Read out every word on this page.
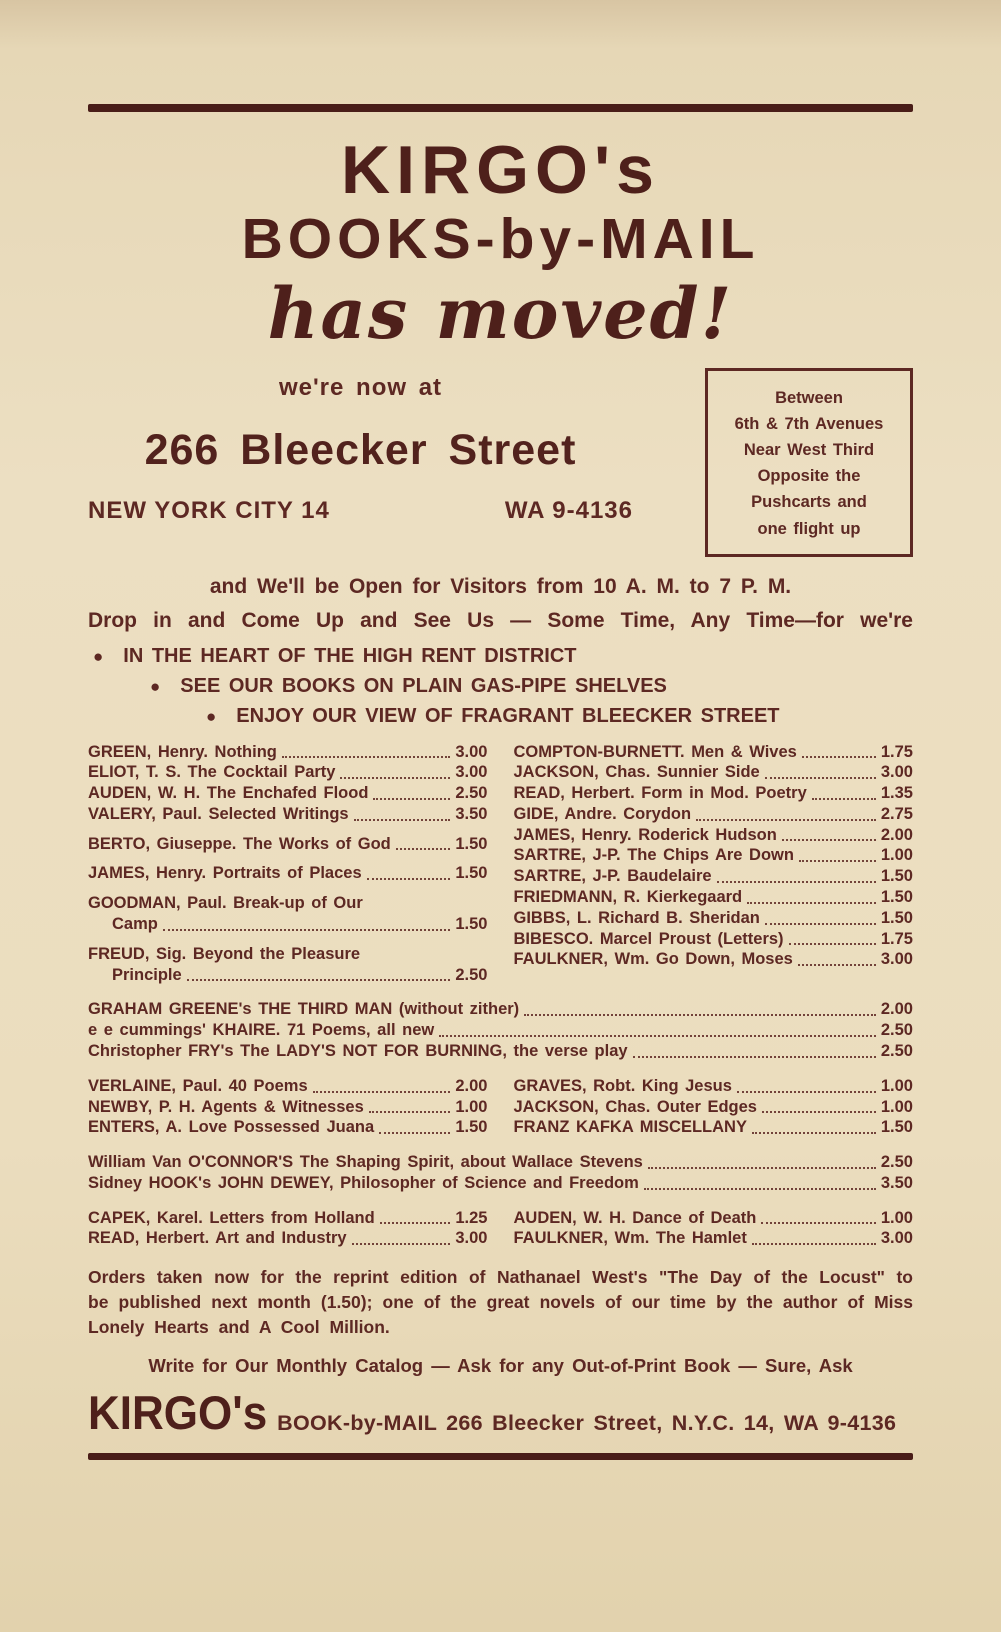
KIRGO's
BOOKS-by-MAIL
has moved!
we're now at
266 Bleecker Street
NEW YORK CITY 14	WA 9-4136
Between
6th & 7th Avenues
Near West Third
Opposite the
Pushcarts and
one flight up
and We'll be Open for Visitors from 10 A. M. to 7 P. M.
Drop in and Come Up and See Us — Some Time, Any Time—for we're
● IN THE HEART OF THE HIGH RENT DISTRICT
● SEE OUR BOOKS ON PLAIN GAS-PIPE SHELVES
● ENJOY OUR VIEW OF FRAGRANT BLEECKER STREET
GREEN, Henry. Nothing	3.00
ELIOT, T. S. The Cocktail Party	3.00
AUDEN, W. H. The Enchafed Flood	2.50
VALERY, Paul. Selected Writings	3.50
BERTO, Giuseppe. The Works of God	1.50
JAMES, Henry. Portraits of Places	1.50
GOODMAN, Paul. Break-up of Our
Camp	1.50
FREUD, Sig. Beyond the Pleasure
Principle	2.50
COMPTON-BURNETT. Men & Wives	1.75
JACKSON, Chas. Sunnier Side	3.00
READ, Herbert. Form in Mod. Poetry	1.35
GIDE, Andre. Corydon	2.75
JAMES, Henry. Roderick Hudson	2.00
SARTRE, J-P. The Chips Are Down	1.00
SARTRE, J-P. Baudelaire	1.50
FRIEDMANN, R. Kierkegaard	1.50
GIBBS, L. Richard B. Sheridan	1.50
BIBESCO. Marcel Proust (Letters)	1.75
FAULKNER, Wm. Go Down, Moses	3.00
GRAHAM GREENE's THE THIRD MAN (without zither)	2.00
e e cummings' KHAIRE. 71 Poems, all new	2.50
Christopher FRY's The LADY'S NOT FOR BURNING, the verse play	2.50
VERLAINE, Paul. 40 Poems	2.00
NEWBY, P. H. Agents & Witnesses	1.00
ENTERS, A. Love Possessed Juana	1.50
GRAVES, Robt. King Jesus	1.00
JACKSON, Chas. Outer Edges	1.00
FRANZ KAFKA MISCELLANY	1.50
William Van O'CONNOR'S The Shaping Spirit, about Wallace Stevens	2.50
Sidney HOOK's JOHN DEWEY, Philosopher of Science and Freedom	3.50
CAPEK, Karel. Letters from Holland	1.25
READ, Herbert. Art and Industry	3.00
AUDEN, W. H. Dance of Death	1.00
FAULKNER, Wm. The Hamlet	3.00

Orders taken now for the reprint edition of Nathanael West's "The Day of the Locust" to be published next month (1.50); one of the great novels of our time by the author of Miss Lonely Hearts and A Cool Million.

Write for Our Monthly Catalog — Ask for any Out-of-Print Book — Sure, Ask

KIRGO's BOOK-by-MAIL 266 Bleecker Street, N.Y.C. 14, WA 9-4136
